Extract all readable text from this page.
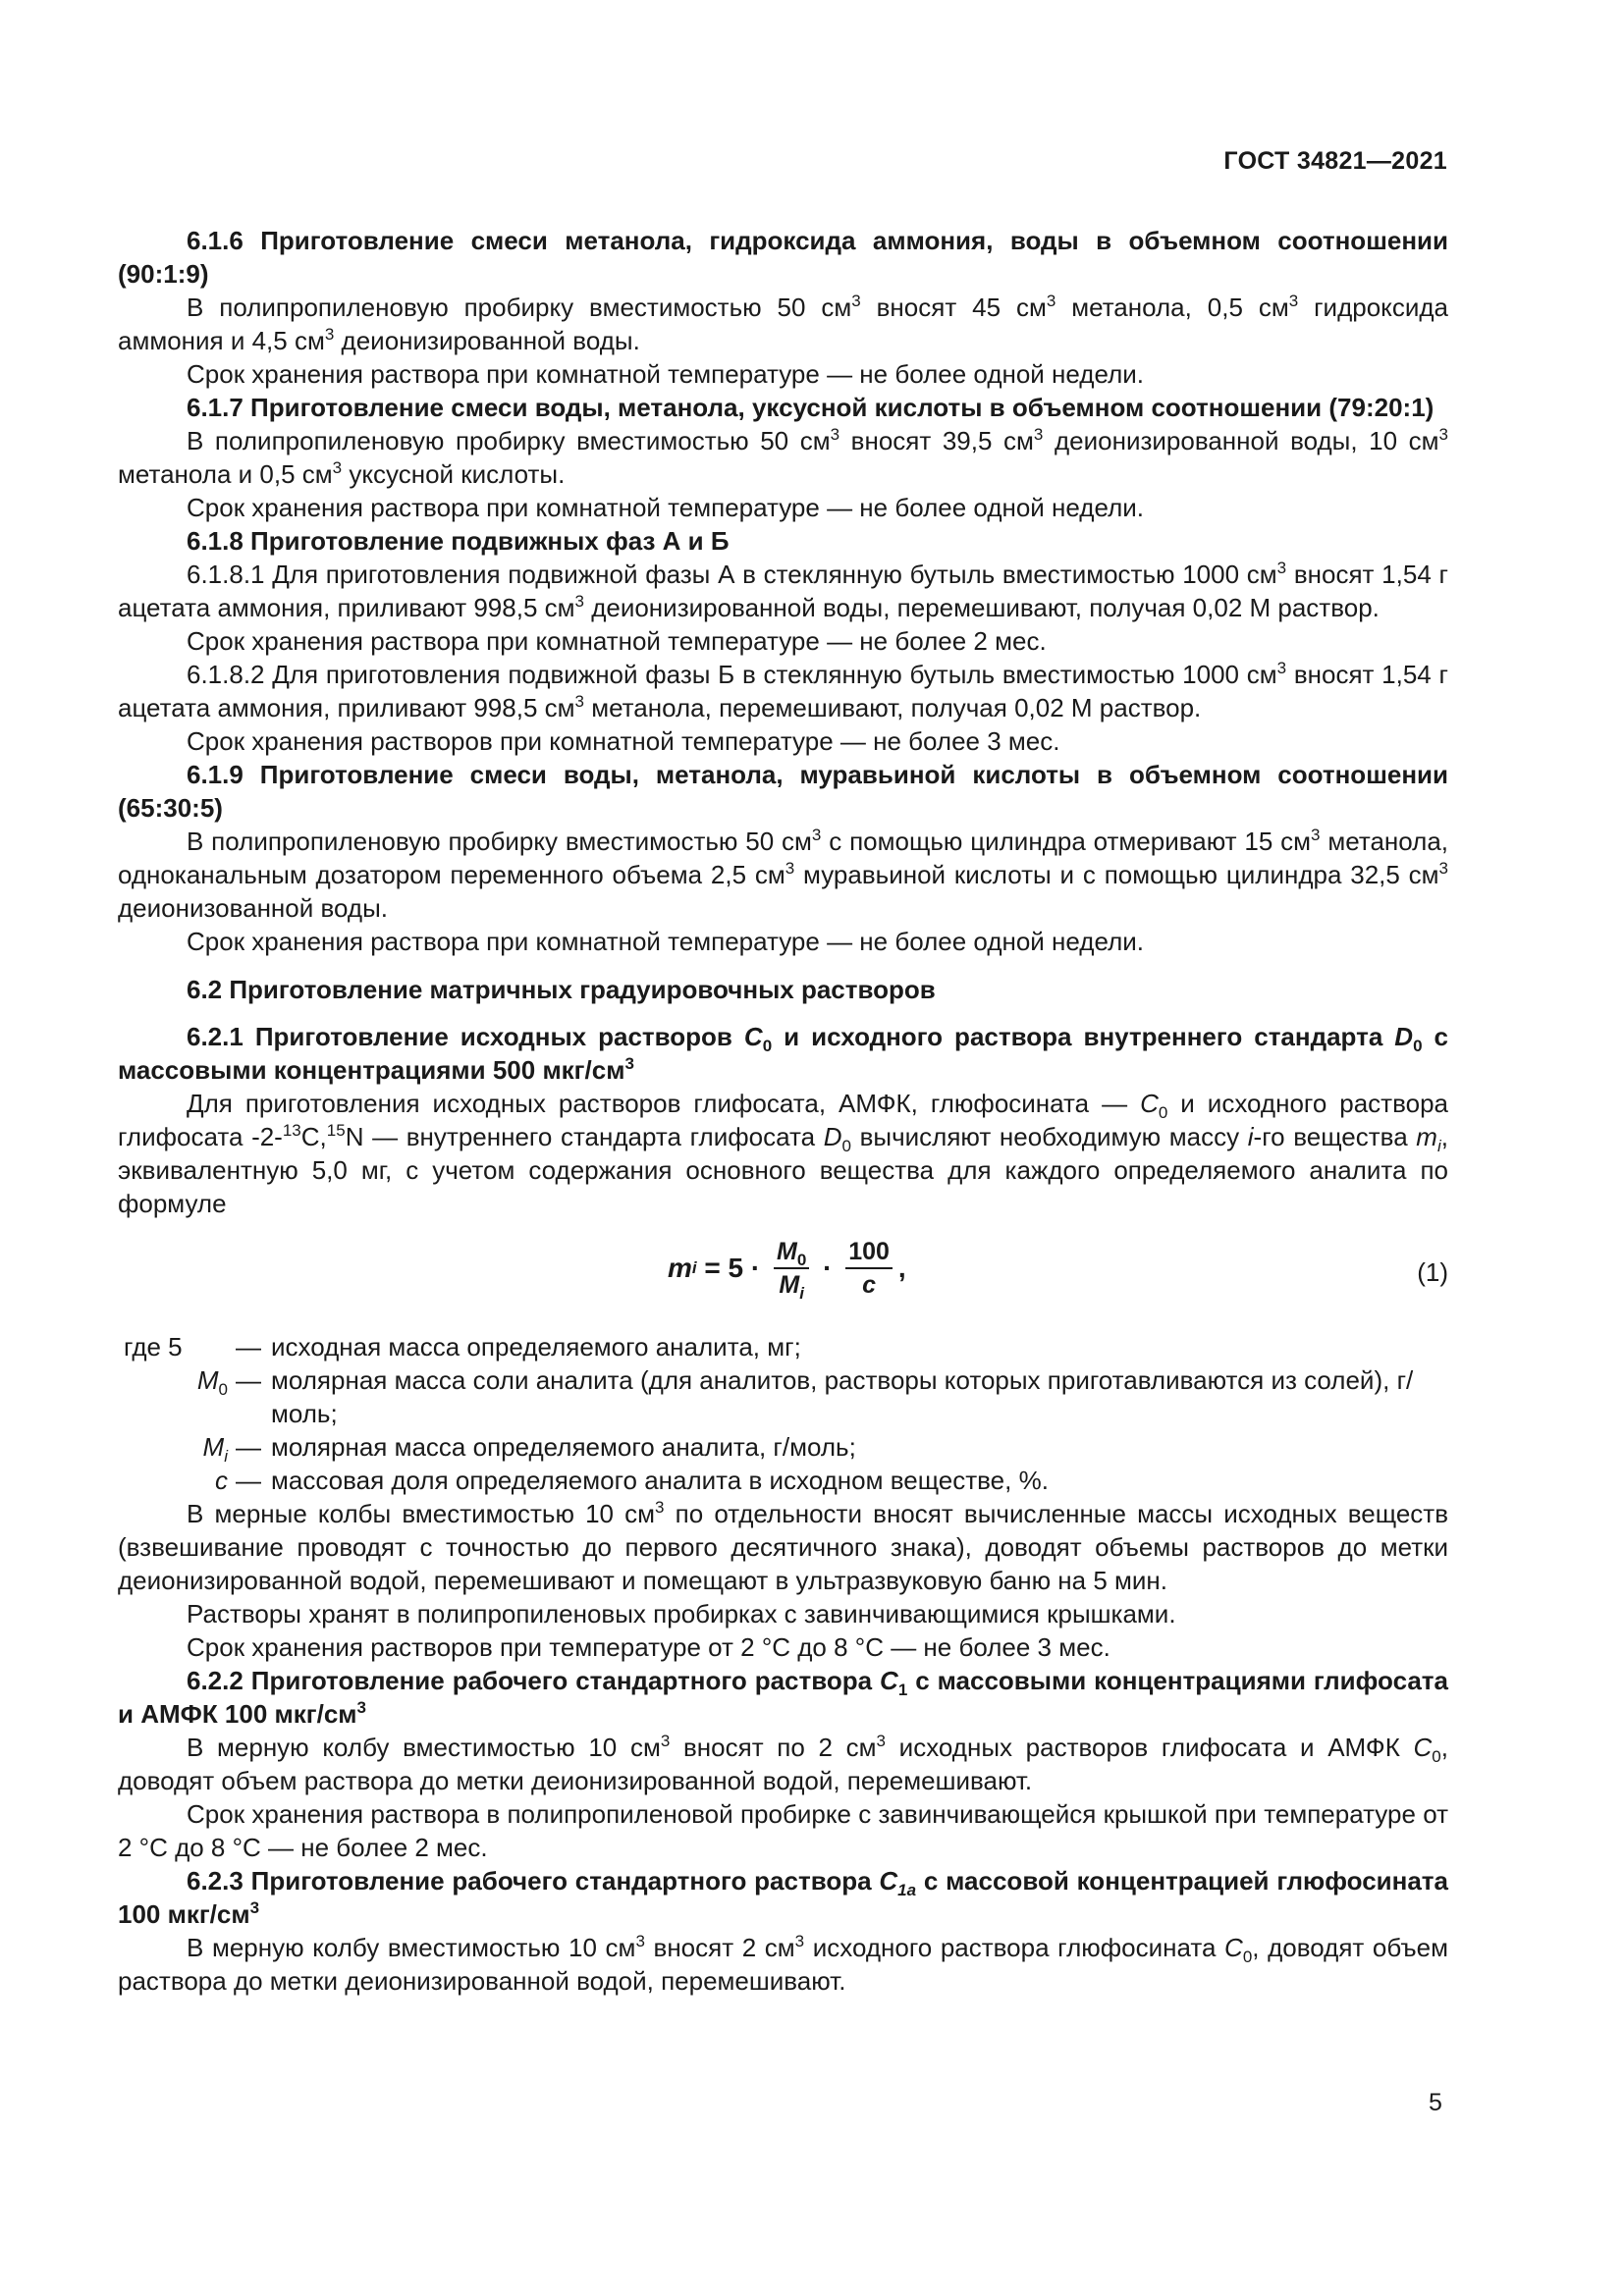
ГОСТ 34821—2021

6.1.6 Приготовление смеси метанола, гидроксида аммония, воды в объемном соотношении (90:1:9)

В полипропиленовую пробирку вместимостью 50 $см^3$ вносят 45 $см^3$ метанола, 0,5 $см^3$ гидроксида аммония и 4,5 $см^3$ деионизированной воды.

Срок хранения раствора при комнатной температуре — не более одной недели.

6.1.7 Приготовление смеси воды, метанола, уксусной кислоты в объемном соотношении (79:20:1)

В полипропиленовую пробирку вместимостью 50 $см^3$ вносят 39,5 $см^3$ деионизированной воды, 10 $см^3$ метанола и 0,5 $см^3$ уксусной кислоты.

Срок хранения раствора при комнатной температуре — не более одной недели.

6.1.8 Приготовление подвижных фаз А и Б

6.1.8.1 Для приготовления подвижной фазы А в стеклянную бутыль вместимостью 1000 $см^3$ вносят 1,54 г ацетата аммония, приливают 998,5 $см^3$ деионизированной воды, перемешивают, получая 0,02 М раствор.

Срок хранения раствора при комнатной температуре — не более 2 мес.

6.1.8.2 Для приготовления подвижной фазы Б в стеклянную бутыль вместимостью 1000 $см^3$ вносят 1,54 г ацетата аммония, приливают 998,5 $см^3$ метанола, перемешивают, получая 0,02 М раствор.

Срок хранения растворов при комнатной температуре — не более 3 мес.

6.1.9 Приготовление смеси воды, метанола, муравьиной кислоты в объемном соотношении (65:30:5)

В полипропиленовую пробирку вместимостью 50 $см^3$ с помощью цилиндра отмеривают 15 $см^3$ метанола, одноканальным дозатором переменного объема 2,5 $см^3$ муравьиной кислоты и с помощью цилиндра 32,5 $см^3$ деионизованной воды.

Срок хранения раствора при комнатной температуре — не более одной недели.

6.2 Приготовление матричных градуировочных растворов

6.2.1 Приготовление исходных растворов $C_0$ и исходного раствора внутреннего стандарта $D_0$ с массовыми концентрациями 500 мкг/$см^3$

Для приготовления исходных растворов глифосата, АМФК, глюфосината — $C_0$ и исходного раствора глифосата -2-$^{13}$C,$^{15}$N — внутреннего стандарта глифосата $D_0$ вычисляют необходимую массу i-го вещества $m_i$, эквивалентную 5,0 мг, с учетом содержания основного вещества для каждого определяемого аналита по формуле

m $i = 5 \cdot \frac{M_0}{M_i} \cdot \frac{100}{c}$ ,	(1)
где 5	— исходная масса определяемого аналита, мг;
$M_0$ — молярная масса соли аналита (для аналитов, растворы которых приготавливаются из солей), г/моль;
$M_i$ — молярная масса определяемого аналита, г/моль;
c — массовая доля определяемого аналита в исходном веществе, %.

В мерные колбы вместимостью 10 $см^3$ по отдельности вносят вычисленные массы исходных веществ (взвешивание проводят с точностью до первого десятичного знака), доводят объемы растворов до метки деионизированной водой, перемешивают и помещают в ультразвуковую баню на 5 мин.

Растворы хранят в полипропиленовых пробирках с завинчивающимися крышками.

Срок хранения растворов при температуре от 2 °С до 8 °С — не более 3 мес.

6.2.2 Приготовление рабочего стандартного раствора $C_1$ с массовыми концентрациями глифосата и АМФК 100 мкг/$см^3$

В мерную колбу вместимостью 10 $см^3$ вносят по 2 $см^3$ исходных растворов глифосата и АМФК $C_0$, доводят объем раствора до метки деионизированной водой, перемешивают.

Срок хранения раствора в полипропиленовой пробирке с завинчивающейся крышкой при температуре от 2 °С до 8 °С — не более 2 мес.

6.2.3 Приготовление рабочего стандартного раствора $C_{1a}$ с массовой концентрацией глюфосината 100 мкг/$см^3$

В мерную колбу вместимостью 10 $см^3$ вносят 2 $см^3$ исходного раствора глюфосината $C_0$, доводят объем раствора до метки деионизированной водой, перемешивают.

5
